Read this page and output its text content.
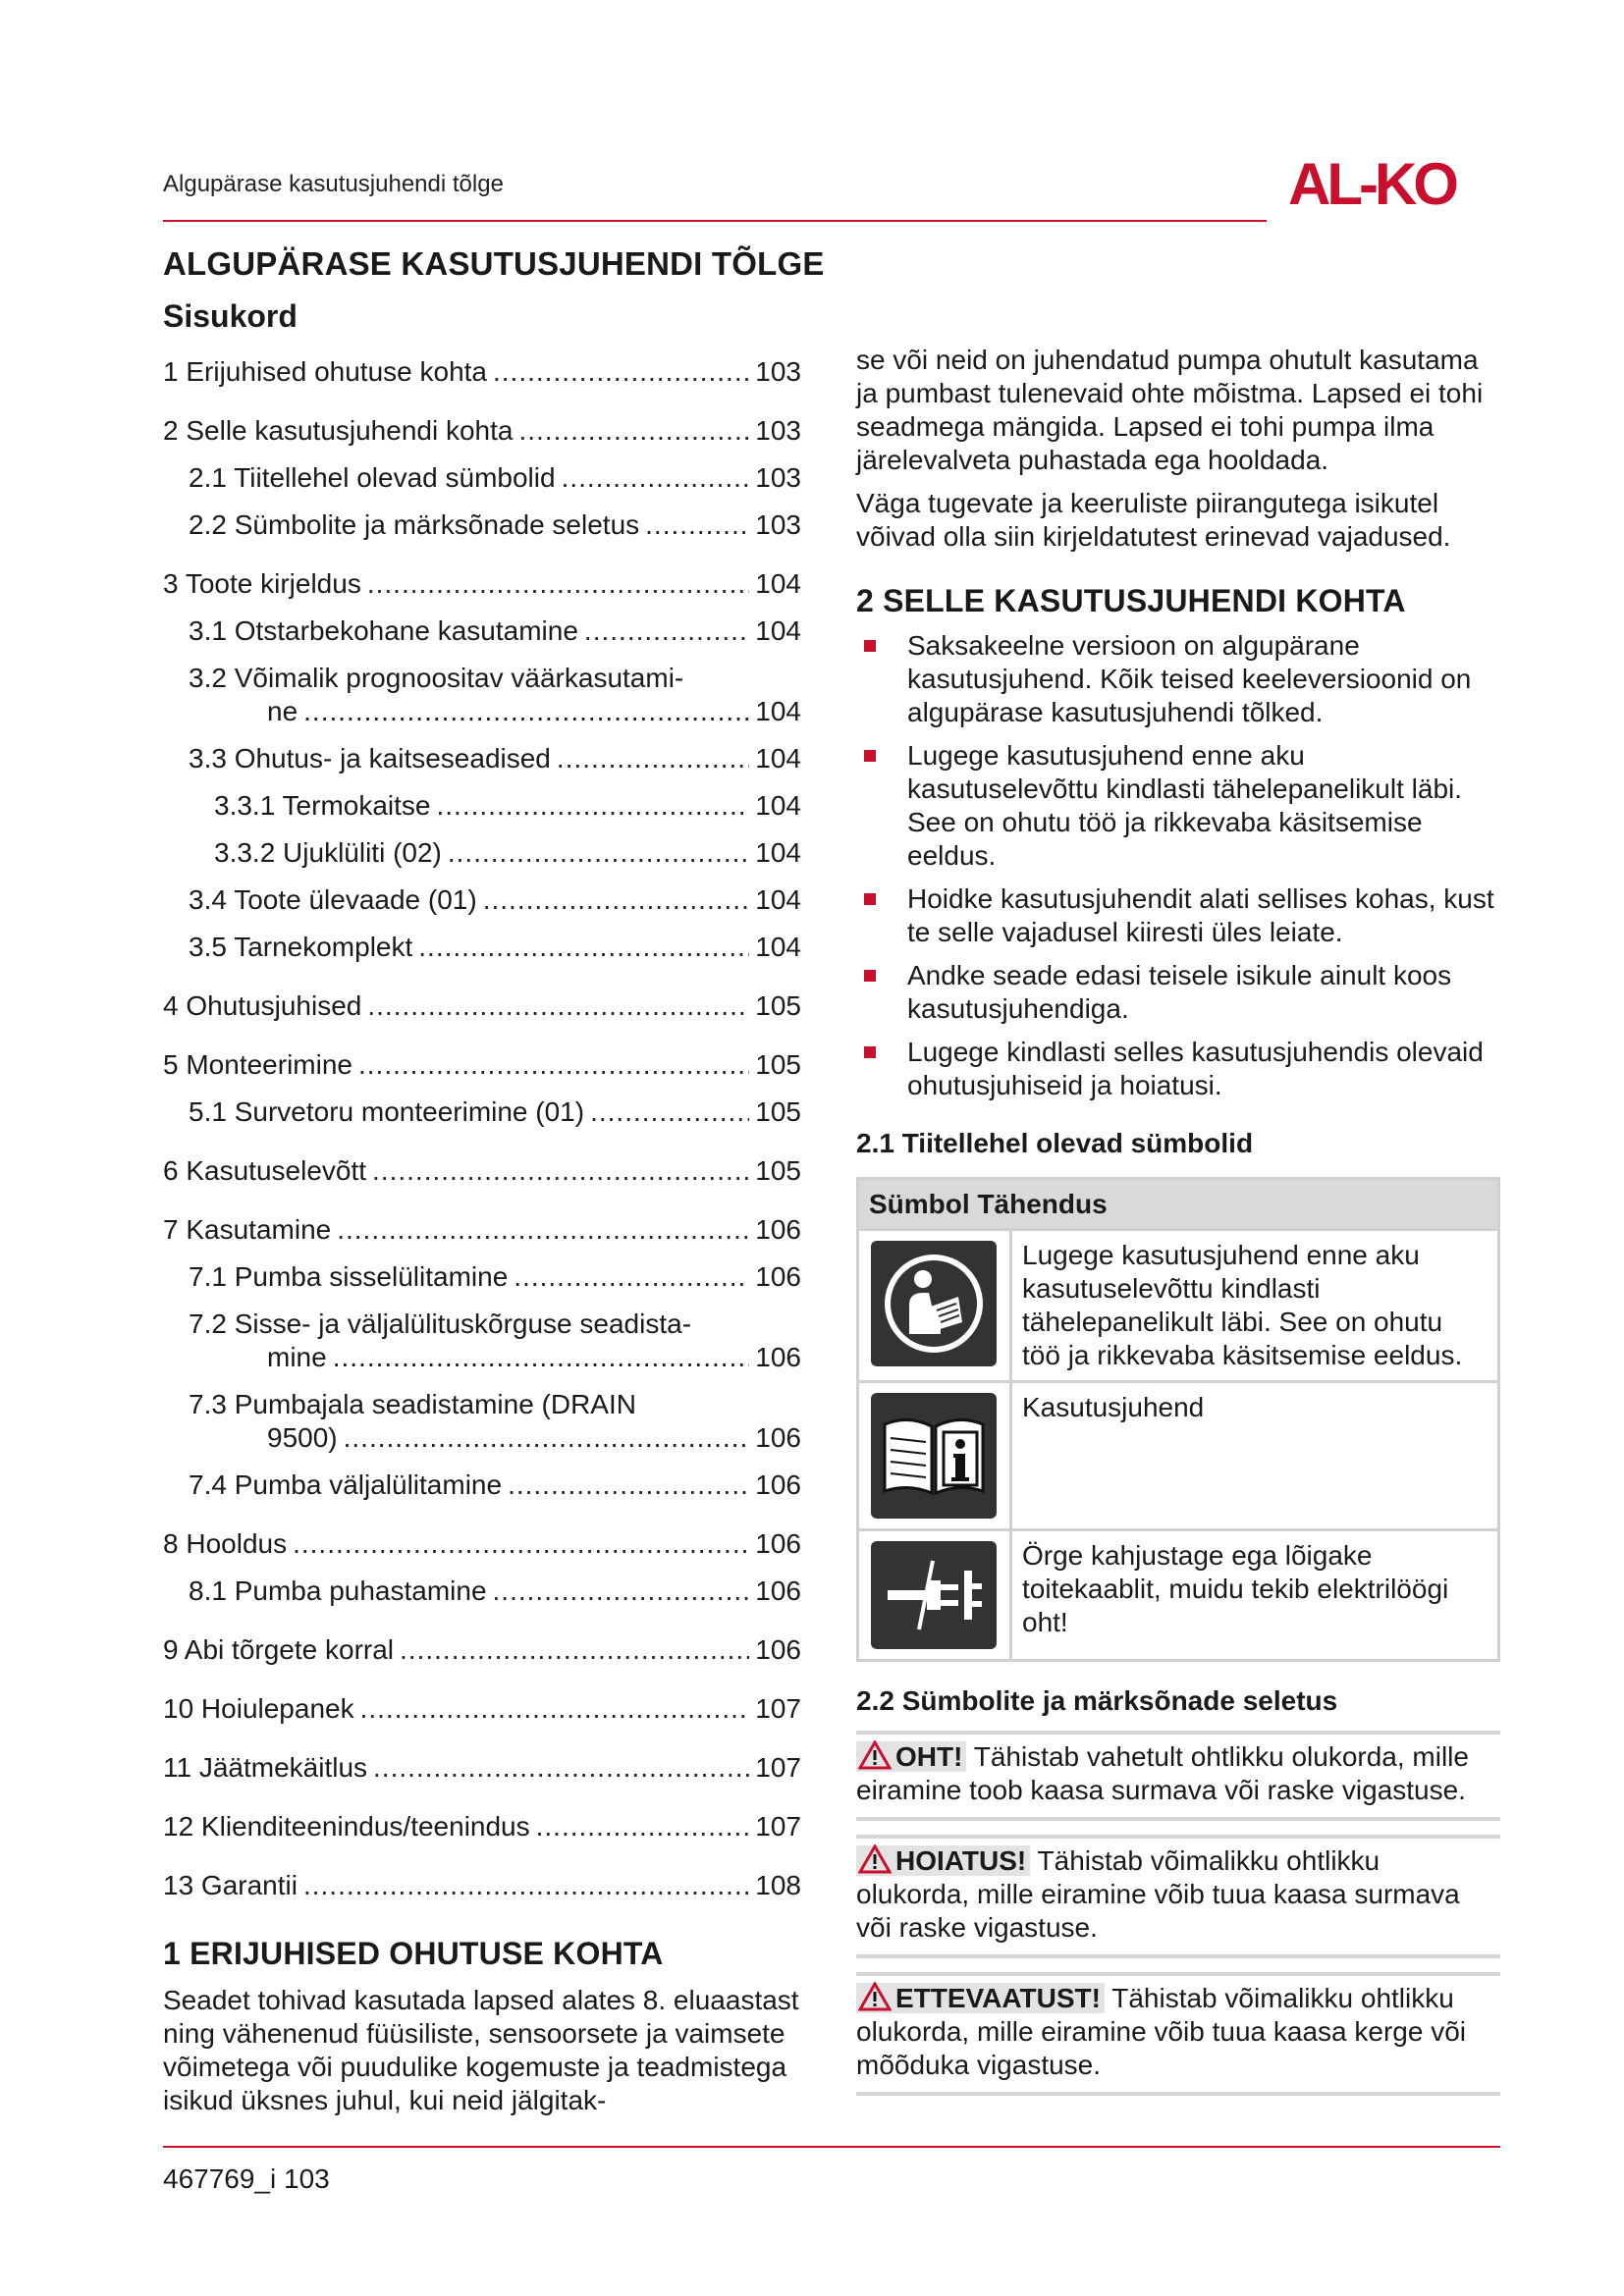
Algupärase kasutusjuhendi tõlge	AL-KO
ALGUPÄRASE KASUTUSJUHENDI TÕLGE
Sisukord
1 Erijuhised ohutuse kohta .....	103
2 Selle kasutusjuhendi kohta .....	103
2.1 Tiitellehel olevad sümbolid .....	103
2.2 Sümbolite ja märksõnade seletus .....	103
3 Toote kirjeldus .....	104
3.1 Otstarbekohane kasutamine .....	104
3.2 Võimalik prognoositav väärkasutami-
ne .....	104
3.3 Ohutus- ja kaitseseadised .....	104
3.3.1 Termokaitse .....	104
3.3.2 Ujuklüliti (02) .....	104
3.4 Toote ülevaade (01) .....	104
3.5 Tarnekomplekt .....	104
4 Ohutusjuhised .....	105
5 Monteerimine .....	105
5.1 Survetoru monteerimine (01) .....	105
6 Kasutuselevõtt .....	105
7 Kasutamine .....	106
7.1 Pumba sisselülitamine .....	106
7.2 Sisse- ja väljalülituskõrguse seadista-
mine .....	106
7.3 Pumbajala seadistamine (DRAIN
9500) .....	106
7.4 Pumba väljalülitamine .....	106
8 Hooldus .....	106
8.1 Pumba puhastamine .....	106
9 Abi tõrgete korral .....	106
10 Hoiulepanek .....	107
11 Jäätmekäitlus .....	107
12 Klienditeenindus/teenindus .....	107
13 Garantii .....	108
1 ERIJUHISED OHUTUSE KOHTA

Seadet tohivad kasutada lapsed alates 8. eluaastast ning vähenenud füüsiliste, sensoorsete ja vaimsete võimetega või puudulike kogemuste ja teadmistega isikud üksnes juhul, kui neid jälgitak-

se või neid on juhendatud pumpa ohutult kasutama ja pumbast tulenevaid ohte mõistma. Lapsed ei tohi seadmega mängida. Lapsed ei tohi pumpa ilma järelevalveta puhastada ega hooldada.

Väga tugevate ja keeruliste piirangutega isikutel võivad olla siin kirjeldatutest erinevad vajadused.

2 SELLE KASUTUSJUHENDI KOHTA
Saksakeelne versioon on algupärane kasutusjuhend. Kõik teised keeleversioonid on algupärase kasutusjuhendi tõlked.
Lugege kasutusjuhend enne aku kasutuselevõttu kindlasti tähelepanelikult läbi. See on ohutu töö ja rikkevaba käsitsemise eeldus.
Hoidke kasutusjuhendit alati sellises kohas, kust te selle vajadusel kiiresti üles leiate.
Andke seade edasi teisele isikule ainult koos kasutusjuhendiga.
Lugege kindlasti selles kasutusjuhendis olevaid ohutusjuhiseid ja hoiatusi.
2.1 Tiitellehel olevad sümbolid
Sümbol Tähendus	

	Lugege kasutusjuhend enne aku kasutuselevõttu kindlasti tähelepanelikult läbi. See on ohutu töö ja rikkevaba käsitsemise eeldus.

	Kasutusjuhend

	Örge kahjustage ega lõigake toitekaablit, muidu tekib elektrilöögi oht!
2.2 Sümbolite ja märksõnade seletus
OHT! Tähistab vahetult ohtlikku olukorda, mille eiramine toob kaasa surmava või raske vigastuse.
HOIATUS! Tähistab võimalikku ohtlikku olukorda, mille eiramine võib tuua kaasa surmava või raske vigastuse.
ETTEVAATUST! Tähistab võimalikku ohtlikku olukorda, mille eiramine võib tuua kaasa kerge või mõõduka vigastuse.
467769_i 103
